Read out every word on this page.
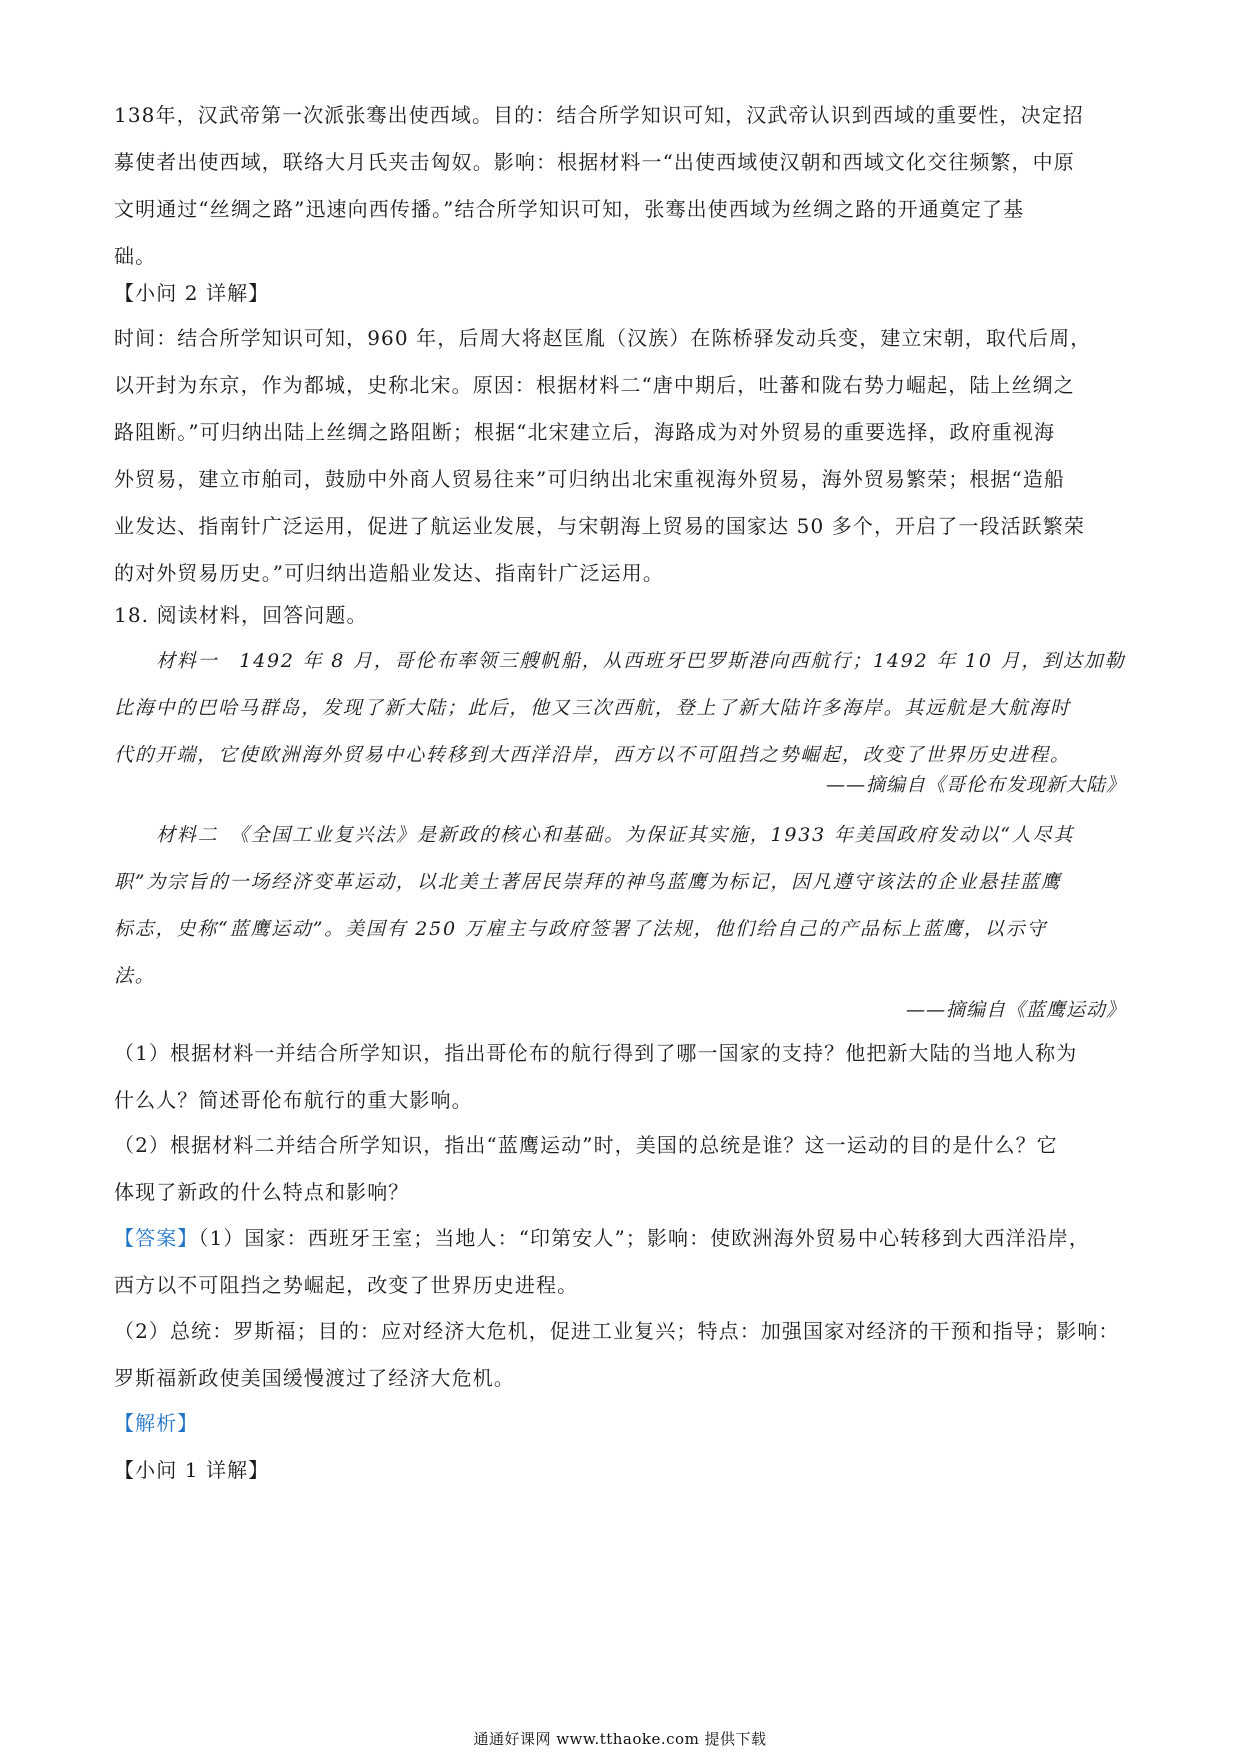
138年，汉武帝第一次派张骞出使西域。目的：结合所学知识可知，汉武帝认识到西域的重要性，决定招

募使者出使西域，联络大月氏夹击匈奴。影响：根据材料一“出使西域使汉朝和西域文化交往频繁，中原

文明通过“丝绸之路”迅速向西传播。”结合所学知识可知，张骞出使西域为丝绸之路的开通奠定了基

础。

【小问 2 详解】

时间：结合所学知识可知，960 年，后周大将赵匡胤（汉族）在陈桥驿发动兵变，建立宋朝，取代后周，

以开封为东京，作为都城，史称北宋。原因：根据材料二“唐中期后，吐蕃和陇右势力崛起，陆上丝绸之

路阻断。”可归纳出陆上丝绸之路阻断；根据“北宋建立后，海路成为对外贸易的重要选择，政府重视海

外贸易，建立市舶司，鼓励中外商人贸易往来”可归纳出北宋重视海外贸易，海外贸易繁荣；根据“造船

业发达、指南针广泛运用，促进了航运业发展，与宋朝海上贸易的国家达 50 多个，开启了一段活跃繁荣

的对外贸易历史。”可归纳出造船业发达、指南针广泛运用。

18. 阅读材料，回答问题。

材料一　1492 年 8 月，哥伦布率领三艘帆船，从西班牙巴罗斯港向西航行；1492 年 10 月，到达加勒

比海中的巴哈马群岛，发现了新大陆；此后，他又三次西航，登上了新大陆许多海岸。其远航是大航海时

代的开端，它使欧洲海外贸易中心转移到大西洋沿岸，西方以不可阻挡之势崛起，改变了世界历史进程。

——摘编自《哥伦布发现新大陆》

材料二　《全国工业复兴法》是新政的核心和基础。为保证其实施，1933 年美国政府发动以“人尽其

职”为宗旨的一场经济变革运动，以北美土著居民崇拜的神鸟蓝鹰为标记，因凡遵守该法的企业悬挂蓝鹰

标志，史称“蓝鹰运动”。美国有 250 万雇主与政府签署了法规，他们给自己的产品标上蓝鹰，以示守

法。

——摘编自《蓝鹰运动》

（1）根据材料一并结合所学知识，指出哥伦布的航行得到了哪一国家的支持？他把新大陆的当地人称为

什么人？简述哥伦布航行的重大影响。

（2）根据材料二并结合所学知识，指出“蓝鹰运动”时，美国的总统是谁？这一运动的目的是什么？它

体现了新政的什么特点和影响？

【答案】（1）国家：西班牙王室；当地人：“印第安人”；影响：使欧洲海外贸易中心转移到大西洋沿岸，

西方以不可阻挡之势崛起，改变了世界历史进程。

（2）总统：罗斯福；目的：应对经济大危机，促进工业复兴；特点：加强国家对经济的干预和指导；影响：

罗斯福新政使美国缓慢渡过了经济大危机。

【解析】
【小问 1 详解】
通通好课网 www.tthaoke.com 提供下载
